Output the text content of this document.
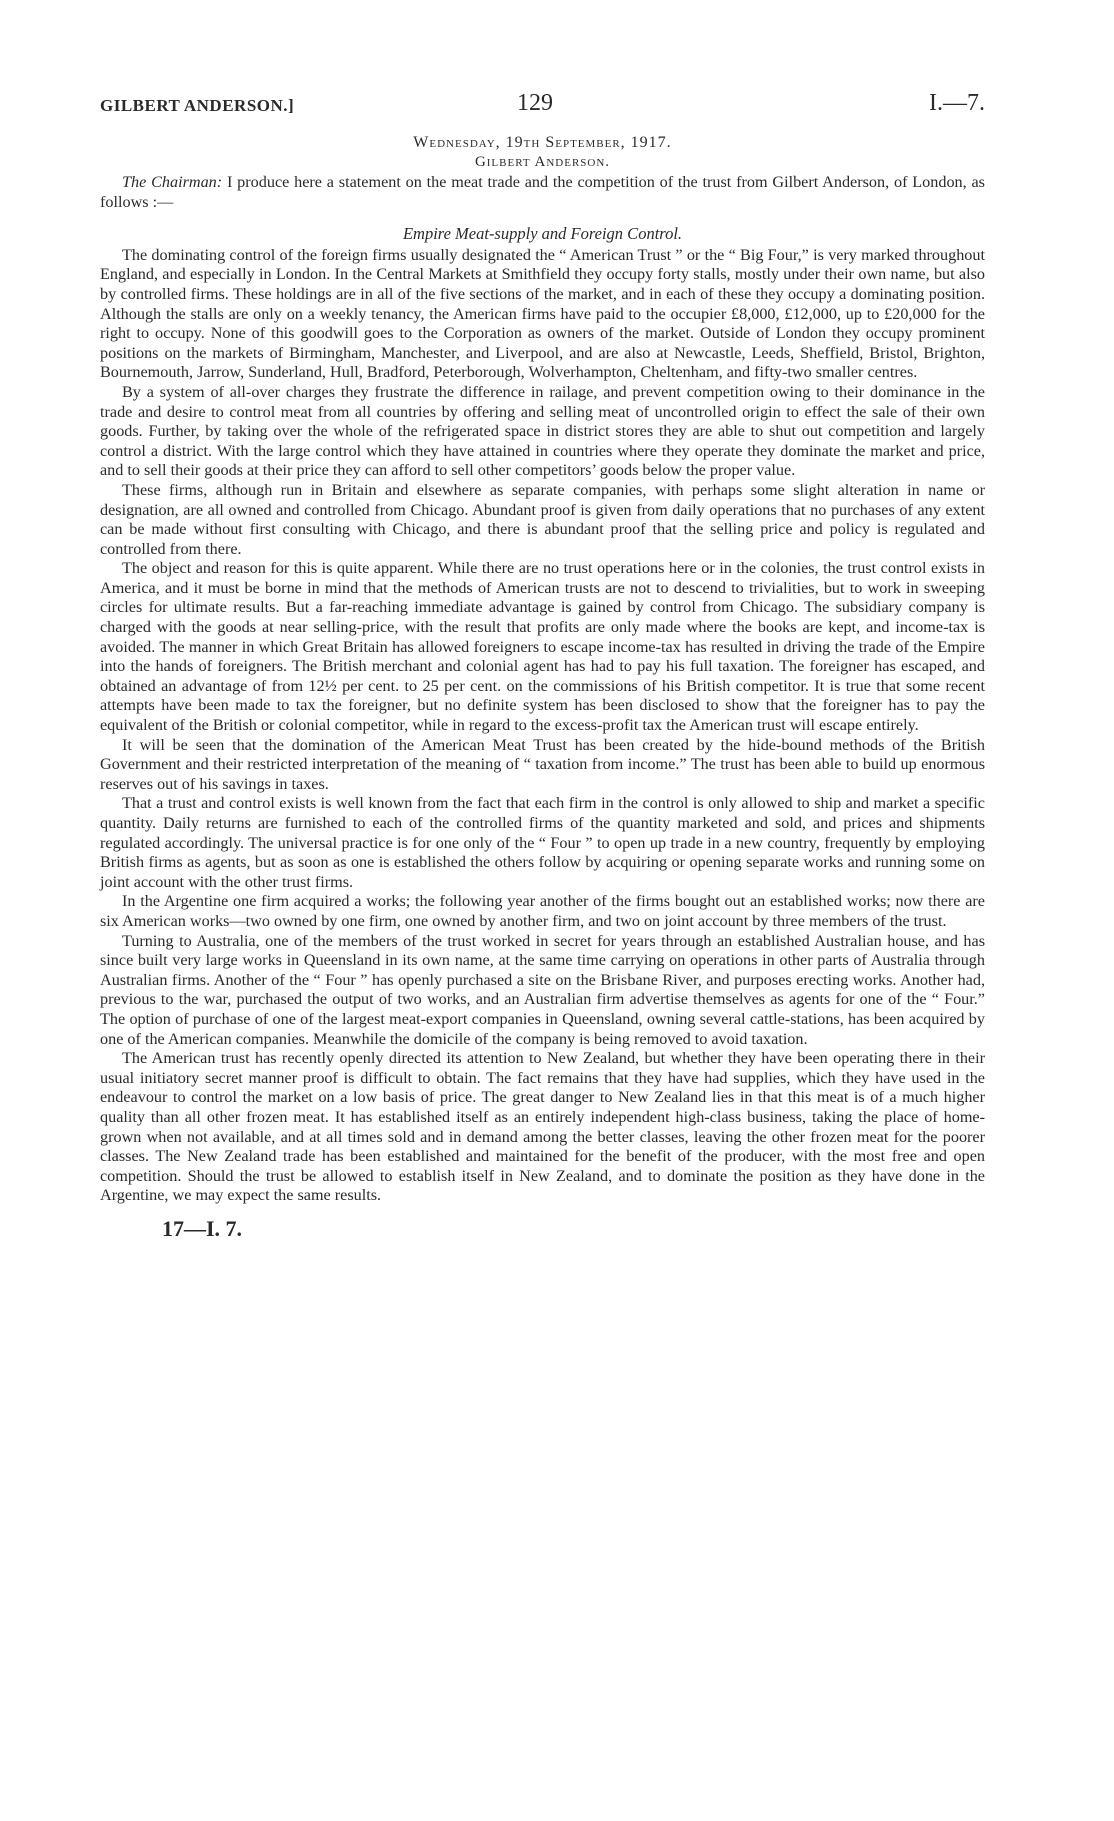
GILBERT ANDERSON.]	129	I.—7.
Wednesday, 19th September, 1917.
Gilbert Anderson.

The Chairman: I produce here a statement on the meat trade and the competition of the trust from Gilbert Anderson, of London, as follows :—

Empire Meat-supply and Foreign Control.

The dominating control of the foreign firms usually designated the “ American Trust ” or the “ Big Four,” is very marked throughout England, and especially in London. In the Central Markets at Smithfield they occupy forty stalls, mostly under their own name, but also by controlled firms. These holdings are in all of the five sections of the market, and in each of these they occupy a dominating position. Although the stalls are only on a weekly tenancy, the American firms have paid to the occupier £8,000, £12,000, up to £20,000 for the right to occupy. None of this goodwill goes to the Corporation as owners of the market. Outside of London they occupy prominent positions on the markets of Birmingham, Manchester, and Liverpool, and are also at Newcastle, Leeds, Sheffield, Bristol, Brighton, Bournemouth, Jarrow, Sunderland, Hull, Bradford, Peterborough, Wolverhampton, Cheltenham, and fifty-two smaller centres.

By a system of all-over charges they frustrate the difference in railage, and prevent competition owing to their dominance in the trade and desire to control meat from all countries by offering and selling meat of uncontrolled origin to effect the sale of their own goods. Further, by taking over the whole of the refrigerated space in district stores they are able to shut out competition and largely control a district. With the large control which they have attained in countries where they operate they dominate the market and price, and to sell their goods at their price they can afford to sell other competitors’ goods below the proper value.

These firms, although run in Britain and elsewhere as separate companies, with perhaps some slight alteration in name or designation, are all owned and controlled from Chicago. Abundant proof is given from daily operations that no purchases of any extent can be made without first consulting with Chicago, and there is abundant proof that the selling price and policy is regulated and controlled from there.

The object and reason for this is quite apparent. While there are no trust operations here or in the colonies, the trust control exists in America, and it must be borne in mind that the methods of American trusts are not to descend to trivialities, but to work in sweeping circles for ultimate results. But a far-reaching immediate advantage is gained by control from Chicago. The subsidiary company is charged with the goods at near selling-price, with the result that profits are only made where the books are kept, and income-tax is avoided. The manner in which Great Britain has allowed foreigners to escape income-tax has resulted in driving the trade of the Empire into the hands of foreigners. The British merchant and colonial agent has had to pay his full taxation. The foreigner has escaped, and obtained an advantage of from 12½ per cent. to 25 per cent. on the commissions of his British competitor. It is true that some recent attempts have been made to tax the foreigner, but no definite system has been disclosed to show that the foreigner has to pay the equivalent of the British or colonial competitor, while in regard to the excess-profit tax the American trust will escape entirely.

It will be seen that the domination of the American Meat Trust has been created by the hide-bound methods of the British Government and their restricted interpretation of the meaning of “ taxation from income.” The trust has been able to build up enormous reserves out of his savings in taxes.

That a trust and control exists is well known from the fact that each firm in the control is only allowed to ship and market a specific quantity. Daily returns are furnished to each of the controlled firms of the quantity marketed and sold, and prices and shipments regulated accordingly. The universal practice is for one only of the “ Four ” to open up trade in a new country, frequently by employing British firms as agents, but as soon as one is established the others follow by acquiring or opening separate works and running some on joint account with the other trust firms.

In the Argentine one firm acquired a works; the following year another of the firms bought out an established works; now there are six American works—two owned by one firm, one owned by another firm, and two on joint account by three members of the trust.

Turning to Australia, one of the members of the trust worked in secret for years through an established Australian house, and has since built very large works in Queensland in its own name, at the same time carrying on operations in other parts of Australia through Australian firms. Another of the “ Four ” has openly purchased a site on the Brisbane River, and purposes erecting works. Another had, previous to the war, purchased the output of two works, and an Australian firm advertise themselves as agents for one of the “ Four.” The option of purchase of one of the largest meat-export companies in Queensland, owning several cattle-stations, has been acquired by one of the American companies. Meanwhile the domicile of the company is being removed to avoid taxation.

The American trust has recently openly directed its attention to New Zealand, but whether they have been operating there in their usual initiatory secret manner proof is difficult to obtain. The fact remains that they have had supplies, which they have used in the endeavour to control the market on a low basis of price. The great danger to New Zealand lies in that this meat is of a much higher quality than all other frozen meat. It has established itself as an entirely independent high-class business, taking the place of home-grown when not available, and at all times sold and in demand among the better classes, leaving the other frozen meat for the poorer classes. The New Zealand trade has been established and maintained for the benefit of the producer, with the most free and open competition. Should the trust be allowed to establish itself in New Zealand, and to dominate the position as they have done in the Argentine, we may expect the same results.

17—I. 7.
